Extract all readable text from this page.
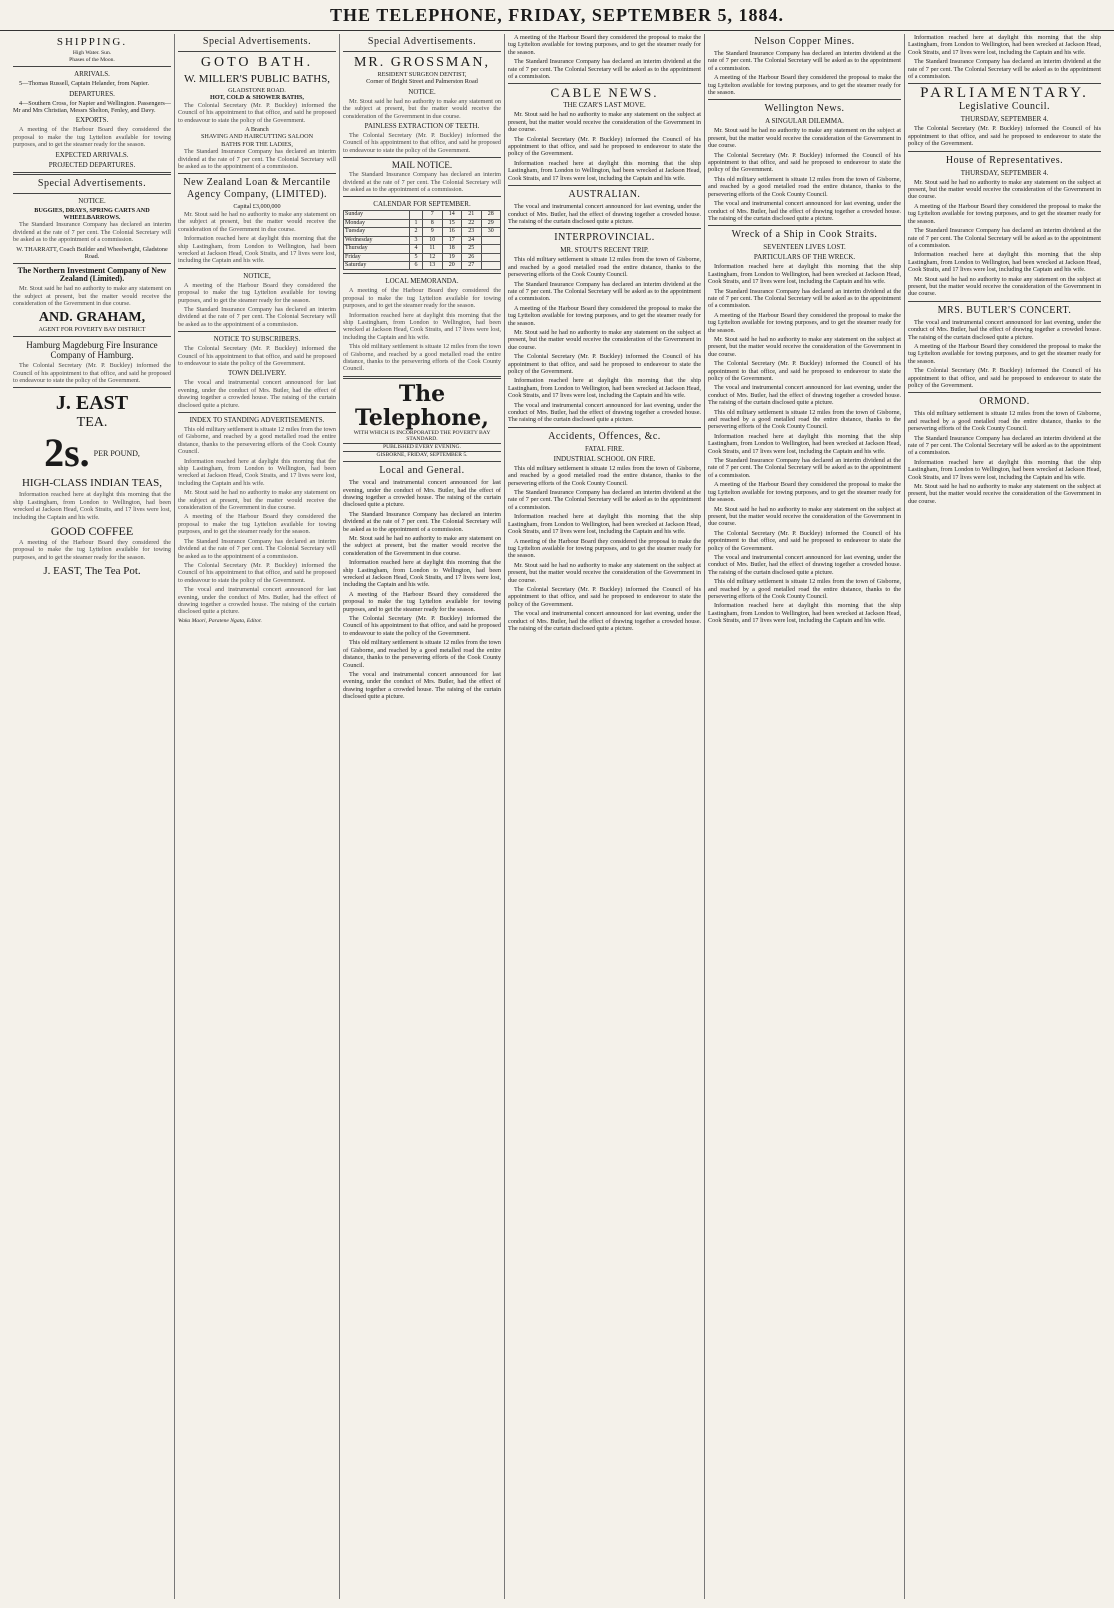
THE TELEPHONE, FRIDAY, SEPTEMBER 5, 1884.
SHIPPING.
High Water. Sun.
Phases of the Moon.
ARRIVALS.

5—Thomas Russell, Captain Helander, from Napier.

DEPARTURES.

4—Southern Cross, for Napier and Wellington. Passengers—Mr and Mrs Christian, Messrs Shelton, Fenley, and Davy.

EXPORTS.

A meeting of the Harbour Board they considered the proposal to make the tug Lyttelton available for towing purposes, and to get the steamer ready for the season.

EXPECTED ARRIVALS.
PROJECTED DEPARTURES.
Special Advertisements.
NOTICE.
BUGGIES, DRAYS, SPRING CARTS AND WHEELBARROWS.

The Standard Insurance Company has declared an interim dividend at the rate of 7 per cent. The Colonial Secretary will be asked as to the appointment of a commission.

W. THARRATT, Coach Builder and Wheelwright, Gladstone Road.
The Northern Investment Company of New Zealand (Limited).

Mr. Stout said he had no authority to make any statement on the subject at present, but the matter would receive the consideration of the Government in due course.

AND. GRAHAM,
AGENT FOR POVERTY BAY DISTRICT
Hamburg Magdeburg Fire Insurance Company of Hamburg.

The Colonial Secretary (Mr. P. Buckley) informed the Council of his appointment to that office, and said he proposed to endeavour to state the policy of the Government.

J. EAST
TEA.
2s. PER POUND,
HIGH-CLASS INDIAN TEAS,

Information reached here at daylight this morning that the ship Lastingham, from London to Wellington, had been wrecked at Jackson Head, Cook Straits, and 17 lives were lost, including the Captain and his wife.

GOOD COFFEE

A meeting of the Harbour Board they considered the proposal to make the tug Lyttelton available for towing purposes, and to get the steamer ready for the season.

J. EAST, The Tea Pot.
Special Advertisements.
GOTO BATH.
W. MILLER'S PUBLIC BATHS,
GLADSTONE ROAD.
HOT, COLD & SHOWER BATHS,

The Colonial Secretary (Mr. P. Buckley) informed the Council of his appointment to that office, and said he proposed to endeavour to state the policy of the Government.

A Branch
SHAVING AND HAIRCUTTING SALOON
BATHS FOR THE LADIES,

The Standard Insurance Company has declared an interim dividend at the rate of 7 per cent. The Colonial Secretary will be asked as to the appointment of a commission.

New Zealand Loan & Mercantile Agency Company, (LIMITED).
Capital £3,000,000

Mr. Stout said he had no authority to make any statement on the subject at present, but the matter would receive the consideration of the Government in due course.

Information reached here at daylight this morning that the ship Lastingham, from London to Wellington, had been wrecked at Jackson Head, Cook Straits, and 17 lives were lost, including the Captain and his wife.

NOTICE,

A meeting of the Harbour Board they considered the proposal to make the tug Lyttelton available for towing purposes, and to get the steamer ready for the season.

The Standard Insurance Company has declared an interim dividend at the rate of 7 per cent. The Colonial Secretary will be asked as to the appointment of a commission.

NOTICE TO SUBSCRIBERS.

The Colonial Secretary (Mr. P. Buckley) informed the Council of his appointment to that office, and said he proposed to endeavour to state the policy of the Government.

TOWN DELIVERY.

The vocal and instrumental concert announced for last evening, under the conduct of Mrs. Butler, had the effect of drawing together a crowded house. The raising of the curtain disclosed quite a picture.

INDEX TO STANDING ADVERTISEMENTS.

This old military settlement is situate 12 miles from the town of Gisborne, and reached by a good metalled road the entire distance, thanks to the persevering efforts of the Cook County Council.

Information reached here at daylight this morning that the ship Lastingham, from London to Wellington, had been wrecked at Jackson Head, Cook Straits, and 17 lives were lost, including the Captain and his wife.

Mr. Stout said he had no authority to make any statement on the subject at present, but the matter would receive the consideration of the Government in due course.

A meeting of the Harbour Board they considered the proposal to make the tug Lyttelton available for towing purposes, and to get the steamer ready for the season.

The Standard Insurance Company has declared an interim dividend at the rate of 7 per cent. The Colonial Secretary will be asked as to the appointment of a commission.

The Colonial Secretary (Mr. P. Buckley) informed the Council of his appointment to that office, and said he proposed to endeavour to state the policy of the Government.

The vocal and instrumental concert announced for last evening, under the conduct of Mrs. Butler, had the effect of drawing together a crowded house. The raising of the curtain disclosed quite a picture.

Waka Maori, Paratene Ngata, Editor.
Special Advertisements.
MR. GROSSMAN,
RESIDENT SURGEON DENTIST,
Corner of Bright Street and Palmerston Road
NOTICE.

Mr. Stout said he had no authority to make any statement on the subject at present, but the matter would receive the consideration of the Government in due course.

PAINLESS EXTRACTION OF TEETH.

The Colonial Secretary (Mr. P. Buckley) informed the Council of his appointment to that office, and said he proposed to endeavour to state the policy of the Government.

MAIL NOTICE.

The Standard Insurance Company has declared an interim dividend at the rate of 7 per cent. The Colonial Secretary will be asked as to the appointment of a commission.

CALENDAR FOR SEPTEMBER.
Sunday		7	14	21	28
Monday	1	8	15	22	29
Tuesday	2	9	16	23	30
Wednesday	3	10	17	24	
Thursday	4	11	18	25	
Friday	5	12	19	26	
Saturday	6	13	20	27	
LOCAL MEMORANDA.

A meeting of the Harbour Board they considered the proposal to make the tug Lyttelton available for towing purposes, and to get the steamer ready for the season.

Information reached here at daylight this morning that the ship Lastingham, from London to Wellington, had been wrecked at Jackson Head, Cook Straits, and 17 lives were lost, including the Captain and his wife.

This old military settlement is situate 12 miles from the town of Gisborne, and reached by a good metalled road the entire distance, thanks to the persevering efforts of the Cook County Council.

The Telephone,
WITH WHICH IS INCORPORATED THE POVERTY BAY STANDARD.
PUBLISHED EVERY EVENING.
GISBORNE, FRIDAY, SEPTEMBER 5.
Local and General.

The vocal and instrumental concert announced for last evening, under the conduct of Mrs. Butler, had the effect of drawing together a crowded house. The raising of the curtain disclosed quite a picture.

The Standard Insurance Company has declared an interim dividend at the rate of 7 per cent. The Colonial Secretary will be asked as to the appointment of a commission.

Mr. Stout said he had no authority to make any statement on the subject at present, but the matter would receive the consideration of the Government in due course.

Information reached here at daylight this morning that the ship Lastingham, from London to Wellington, had been wrecked at Jackson Head, Cook Straits, and 17 lives were lost, including the Captain and his wife.

A meeting of the Harbour Board they considered the proposal to make the tug Lyttelton available for towing purposes, and to get the steamer ready for the season.

The Colonial Secretary (Mr. P. Buckley) informed the Council of his appointment to that office, and said he proposed to endeavour to state the policy of the Government.

This old military settlement is situate 12 miles from the town of Gisborne, and reached by a good metalled road the entire distance, thanks to the persevering efforts of the Cook County Council.

The vocal and instrumental concert announced for last evening, under the conduct of Mrs. Butler, had the effect of drawing together a crowded house. The raising of the curtain disclosed quite a picture.

A meeting of the Harbour Board they considered the proposal to make the tug Lyttelton available for towing purposes, and to get the steamer ready for the season.

The Standard Insurance Company has declared an interim dividend at the rate of 7 per cent. The Colonial Secretary will be asked as to the appointment of a commission.

CABLE NEWS.
THE CZAR'S LAST MOVE.

Mr. Stout said he had no authority to make any statement on the subject at present, but the matter would receive the consideration of the Government in due course.

The Colonial Secretary (Mr. P. Buckley) informed the Council of his appointment to that office, and said he proposed to endeavour to state the policy of the Government.

Information reached here at daylight this morning that the ship Lastingham, from London to Wellington, had been wrecked at Jackson Head, Cook Straits, and 17 lives were lost, including the Captain and his wife.

AUSTRALIAN.

The vocal and instrumental concert announced for last evening, under the conduct of Mrs. Butler, had the effect of drawing together a crowded house. The raising of the curtain disclosed quite a picture.

INTERPROVINCIAL.
MR. STOUT'S RECENT TRIP.

This old military settlement is situate 12 miles from the town of Gisborne, and reached by a good metalled road the entire distance, thanks to the persevering efforts of the Cook County Council.

The Standard Insurance Company has declared an interim dividend at the rate of 7 per cent. The Colonial Secretary will be asked as to the appointment of a commission.

A meeting of the Harbour Board they considered the proposal to make the tug Lyttelton available for towing purposes, and to get the steamer ready for the season.

Mr. Stout said he had no authority to make any statement on the subject at present, but the matter would receive the consideration of the Government in due course.

The Colonial Secretary (Mr. P. Buckley) informed the Council of his appointment to that office, and said he proposed to endeavour to state the policy of the Government.

Information reached here at daylight this morning that the ship Lastingham, from London to Wellington, had been wrecked at Jackson Head, Cook Straits, and 17 lives were lost, including the Captain and his wife.

The vocal and instrumental concert announced for last evening, under the conduct of Mrs. Butler, had the effect of drawing together a crowded house. The raising of the curtain disclosed quite a picture.

Accidents, Offences, &c.
FATAL FIRE.
INDUSTRIAL SCHOOL ON FIRE.

This old military settlement is situate 12 miles from the town of Gisborne, and reached by a good metalled road the entire distance, thanks to the persevering efforts of the Cook County Council.

The Standard Insurance Company has declared an interim dividend at the rate of 7 per cent. The Colonial Secretary will be asked as to the appointment of a commission.

Information reached here at daylight this morning that the ship Lastingham, from London to Wellington, had been wrecked at Jackson Head, Cook Straits, and 17 lives were lost, including the Captain and his wife.

A meeting of the Harbour Board they considered the proposal to make the tug Lyttelton available for towing purposes, and to get the steamer ready for the season.

Mr. Stout said he had no authority to make any statement on the subject at present, but the matter would receive the consideration of the Government in due course.

The Colonial Secretary (Mr. P. Buckley) informed the Council of his appointment to that office, and said he proposed to endeavour to state the policy of the Government.

The vocal and instrumental concert announced for last evening, under the conduct of Mrs. Butler, had the effect of drawing together a crowded house. The raising of the curtain disclosed quite a picture.

Nelson Copper Mines.

The Standard Insurance Company has declared an interim dividend at the rate of 7 per cent. The Colonial Secretary will be asked as to the appointment of a commission.

A meeting of the Harbour Board they considered the proposal to make the tug Lyttelton available for towing purposes, and to get the steamer ready for the season.

Wellington News.
A SINGULAR DILEMMA.

Mr. Stout said he had no authority to make any statement on the subject at present, but the matter would receive the consideration of the Government in due course.

The Colonial Secretary (Mr. P. Buckley) informed the Council of his appointment to that office, and said he proposed to endeavour to state the policy of the Government.

This old military settlement is situate 12 miles from the town of Gisborne, and reached by a good metalled road the entire distance, thanks to the persevering efforts of the Cook County Council.

The vocal and instrumental concert announced for last evening, under the conduct of Mrs. Butler, had the effect of drawing together a crowded house. The raising of the curtain disclosed quite a picture.

Wreck of a Ship in Cook Straits.
SEVENTEEN LIVES LOST.
PARTICULARS OF THE WRECK.

Information reached here at daylight this morning that the ship Lastingham, from London to Wellington, had been wrecked at Jackson Head, Cook Straits, and 17 lives were lost, including the Captain and his wife.

The Standard Insurance Company has declared an interim dividend at the rate of 7 per cent. The Colonial Secretary will be asked as to the appointment of a commission.

A meeting of the Harbour Board they considered the proposal to make the tug Lyttelton available for towing purposes, and to get the steamer ready for the season.

Mr. Stout said he had no authority to make any statement on the subject at present, but the matter would receive the consideration of the Government in due course.

The Colonial Secretary (Mr. P. Buckley) informed the Council of his appointment to that office, and said he proposed to endeavour to state the policy of the Government.

The vocal and instrumental concert announced for last evening, under the conduct of Mrs. Butler, had the effect of drawing together a crowded house. The raising of the curtain disclosed quite a picture.

This old military settlement is situate 12 miles from the town of Gisborne, and reached by a good metalled road the entire distance, thanks to the persevering efforts of the Cook County Council.

Information reached here at daylight this morning that the ship Lastingham, from London to Wellington, had been wrecked at Jackson Head, Cook Straits, and 17 lives were lost, including the Captain and his wife.

The Standard Insurance Company has declared an interim dividend at the rate of 7 per cent. The Colonial Secretary will be asked as to the appointment of a commission.

A meeting of the Harbour Board they considered the proposal to make the tug Lyttelton available for towing purposes, and to get the steamer ready for the season.

Mr. Stout said he had no authority to make any statement on the subject at present, but the matter would receive the consideration of the Government in due course.

The Colonial Secretary (Mr. P. Buckley) informed the Council of his appointment to that office, and said he proposed to endeavour to state the policy of the Government.

The vocal and instrumental concert announced for last evening, under the conduct of Mrs. Butler, had the effect of drawing together a crowded house. The raising of the curtain disclosed quite a picture.

This old military settlement is situate 12 miles from the town of Gisborne, and reached by a good metalled road the entire distance, thanks to the persevering efforts of the Cook County Council.

Information reached here at daylight this morning that the ship Lastingham, from London to Wellington, had been wrecked at Jackson Head, Cook Straits, and 17 lives were lost, including the Captain and his wife.

Information reached here at daylight this morning that the ship Lastingham, from London to Wellington, had been wrecked at Jackson Head, Cook Straits, and 17 lives were lost, including the Captain and his wife.

The Standard Insurance Company has declared an interim dividend at the rate of 7 per cent. The Colonial Secretary will be asked as to the appointment of a commission.

PARLIAMENTARY.
Legislative Council.
THURSDAY, SEPTEMBER 4.

The Colonial Secretary (Mr. P. Buckley) informed the Council of his appointment to that office, and said he proposed to endeavour to state the policy of the Government.

House of Representatives.
THURSDAY, SEPTEMBER 4.

Mr. Stout said he had no authority to make any statement on the subject at present, but the matter would receive the consideration of the Government in due course.

A meeting of the Harbour Board they considered the proposal to make the tug Lyttelton available for towing purposes, and to get the steamer ready for the season.

The Standard Insurance Company has declared an interim dividend at the rate of 7 per cent. The Colonial Secretary will be asked as to the appointment of a commission.

Information reached here at daylight this morning that the ship Lastingham, from London to Wellington, had been wrecked at Jackson Head, Cook Straits, and 17 lives were lost, including the Captain and his wife.

Mr. Stout said he had no authority to make any statement on the subject at present, but the matter would receive the consideration of the Government in due course.

MRS. BUTLER'S CONCERT.

The vocal and instrumental concert announced for last evening, under the conduct of Mrs. Butler, had the effect of drawing together a crowded house. The raising of the curtain disclosed quite a picture.

A meeting of the Harbour Board they considered the proposal to make the tug Lyttelton available for towing purposes, and to get the steamer ready for the season.

The Colonial Secretary (Mr. P. Buckley) informed the Council of his appointment to that office, and said he proposed to endeavour to state the policy of the Government.

ORMOND.

This old military settlement is situate 12 miles from the town of Gisborne, and reached by a good metalled road the entire distance, thanks to the persevering efforts of the Cook County Council.

The Standard Insurance Company has declared an interim dividend at the rate of 7 per cent. The Colonial Secretary will be asked as to the appointment of a commission.

Information reached here at daylight this morning that the ship Lastingham, from London to Wellington, had been wrecked at Jackson Head, Cook Straits, and 17 lives were lost, including the Captain and his wife.

Mr. Stout said he had no authority to make any statement on the subject at present, but the matter would receive the consideration of the Government in due course.
